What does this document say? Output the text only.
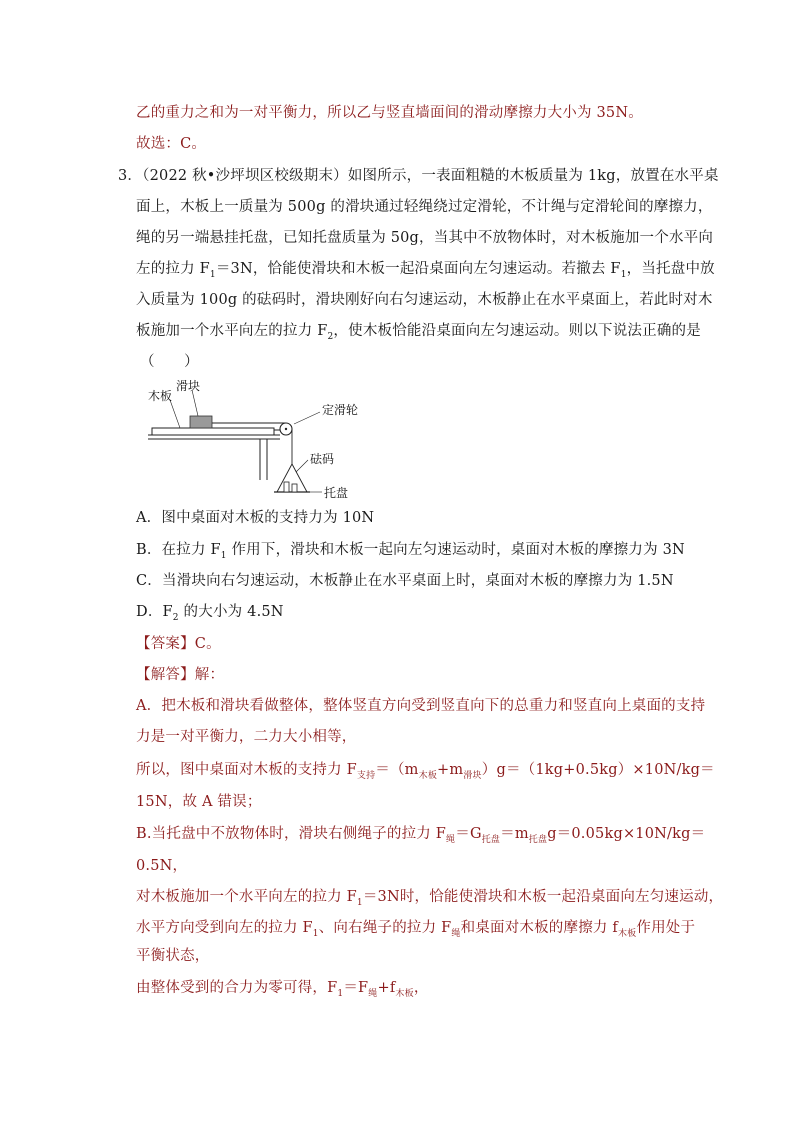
乙的重力之和为一对平衡力，所以乙与竖直墙面间的滑动摩擦力大小为 35N。
故选：C。
3．（2022 秋•沙坪坝区校级期末）如图所示，一表面粗糙的木板质量为 1kg，放置在水平桌
面上，木板上一质量为 500g 的滑块通过轻绳绕过定滑轮，不计绳与定滑轮间的摩擦力，
绳的另一端悬挂托盘，已知托盘质量为 50g，当其中不放物体时，对木板施加一个水平向
左的拉力 $F_1=3N$，恰能使滑块和木板一起沿桌面向左匀速运动。若撤去 $F_1$，当托盘中放
入质量为 100g 的砝码时，滑块刚好向右匀速运动，木板静止在水平桌面上，若此时对木
板施加一个水平向左的拉力 $F_2$，使木板恰能沿桌面向左匀速运动。则以下说法正确的是
（　　）
木板
滑块
定滑轮
砝码
托盘
A．图中桌面对木板的支持力为 10N
B．在拉力 $F_1$ 作用下，滑块和木板一起向左匀速运动时，桌面对木板的摩擦力为 3N
C．当滑块向右匀速运动，木板静止在水平桌面上时，桌面对木板的摩擦力为 1.5N
D．$F_2$ 的大小为 4.5N
【答案】C。
【解答】解：
A．把木板和滑块看做整体，整体竖直方向受到竖直向下的总重力和竖直向上桌面的支持
力是一对平衡力，二力大小相等，
所以，图中桌面对木板的支持力 $F_{支持}=(m_{木板}+m_{滑块})g=(1kg+0.5kg)\times 10N/kg=$
15N，故 A 错误；
B.当托盘中不放物体时，滑块右侧绳子的拉力 $F_绳=G_{托盘}=m_{托盘}g=0.05kg\times 10N/kg=$
0.5N，
对木板施加一个水平向左的拉力 $F_1=3N$时，恰能使滑块和木板一起沿桌面向左匀速运动，
水平方向受到向左的拉力 $F_1$、向右绳子的拉力 $F_绳$和桌面对木板的摩擦力 $f_{木板}$作用处于
平衡状态，
由整体受到的合力为零可得，$F_1=F_绳+f_{木板}$，
